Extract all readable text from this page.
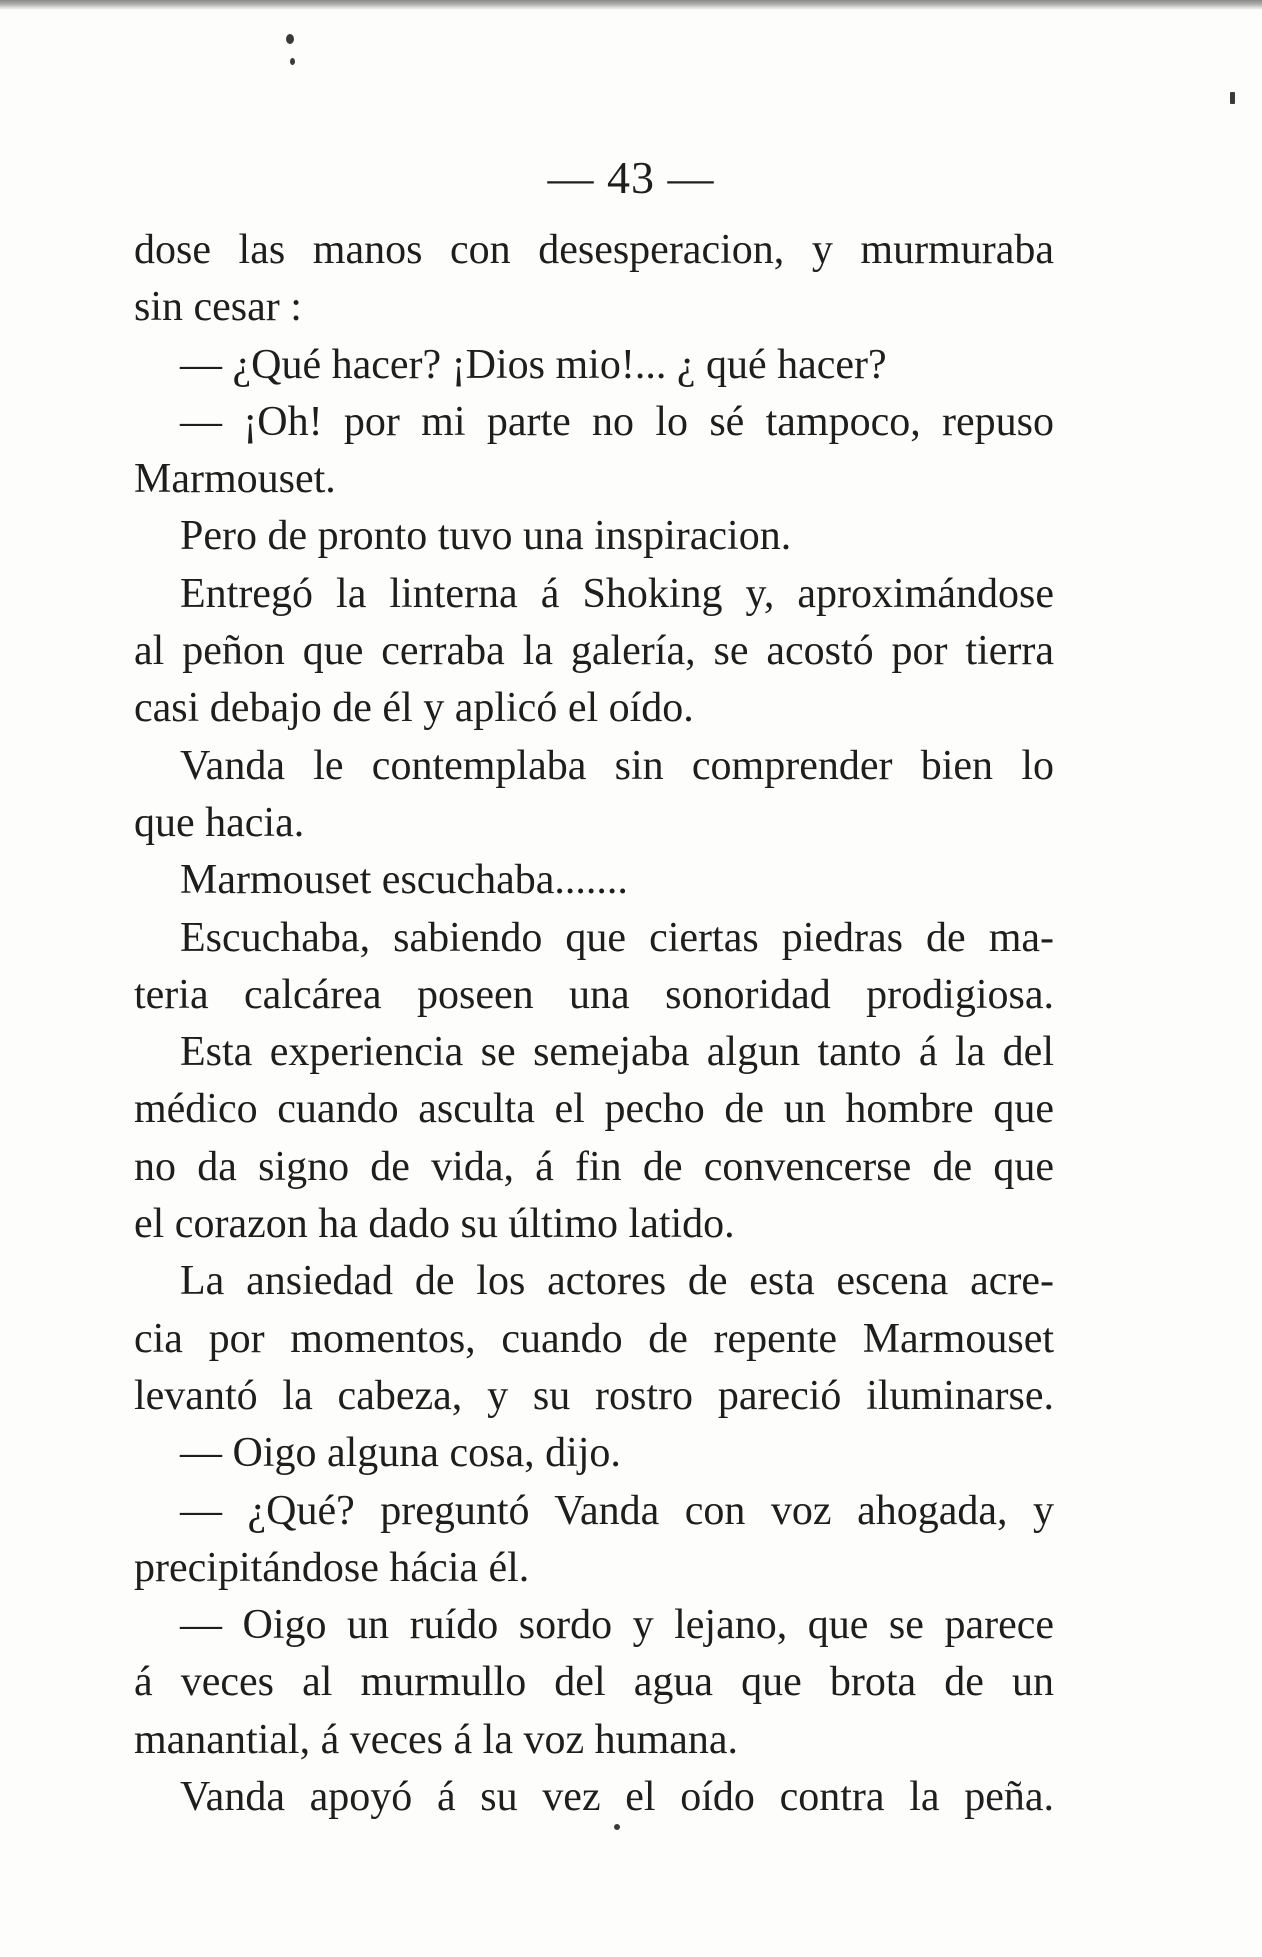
— 43 —
dose las manos con desesperacion, y murmuraba
sin cesar :
— ¿Qué hacer? ¡Dios mio!... ¿ qué hacer?
— ¡Oh! por mi parte no lo sé tampoco, repuso
Marmouset.
Pero de pronto tuvo una inspiracion.
Entregó la linterna á Shoking y, aproximándose
al peñon que cerraba la galería, se acostó por tierra
casi debajo de él y aplicó el oído.
Vanda le contemplaba sin comprender bien lo
que hacia.
Marmouset escuchaba.......
Escuchaba, sabiendo que ciertas piedras de ma-
teria calcárea poseen una sonoridad prodigiosa.
Esta experiencia se semejaba algun tanto á la del
médico cuando asculta el pecho de un hombre que
no da signo de vida, á fin de convencerse de que
el corazon ha dado su último latido.
La ansiedad de los actores de esta escena acre-
cia por momentos, cuando de repente Marmouset
levantó la cabeza, y su rostro pareció iluminarse.
— Oigo alguna cosa, dijo.
— ¿Qué? preguntó Vanda con voz ahogada, y
precipitándose hácia él.
— Oigo un ruído sordo y lejano, que se parece
á veces al murmullo del agua que brota de un
manantial, á veces á la voz humana.
Vanda apoyó á su vez el oído contra la peña.
